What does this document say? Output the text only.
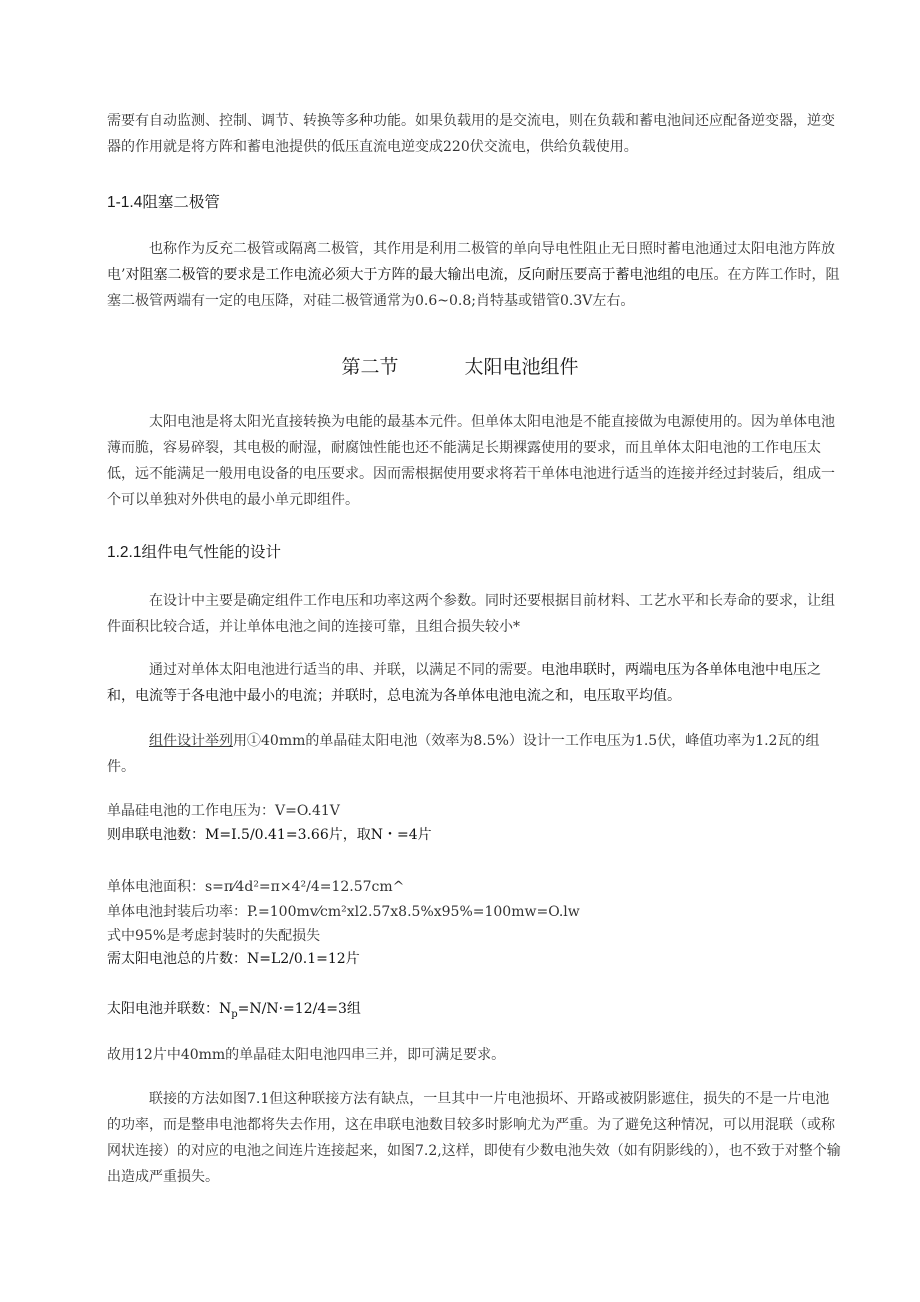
需要有自动监测、控制、调节、转换等多种功能。如果负载用的是交流电，则在负载和蓄电池间还应配备逆变器，逆变器的作用就是将方阵和蓄电池提供的低压直流电逆变成220伏交流电，供给负载使用。

1-1.4阻塞二极管

也称作为反充二极管或隔离二极管，其作用是利用二极管的单向导电性阻止无日照时蓄电池通过太阳电池方阵放电’对阻塞二极管的要求是工作电流必须大于方阵的最大输出电流，反向耐压要高于蓄电池组的电压。在方阵工作时，阻塞二极管两端有一定的电压降，对硅二极管通常为0.6~0.8;肖特基或错管0.3V左右。

第二节	太阳电池组件

太阳电池是将太阳光直接转换为电能的最基本元件。但单体太阳电池是不能直接做为电源使用的。因为单体电池薄而脆，容易碎裂，其电极的耐湿，耐腐蚀性能也还不能满足长期裸露使用的要求，而且单体太阳电池的工作电压太低，远不能满足一般用电设备的电压要求。因而需根据使用要求将若干单体电池进行适当的连接并经过封装后，组成一个可以单独对外供电的最小单元即组件。

1.2.1组件电气性能的设计

在设计中主要是确定组件工作电压和功率这两个参数。同时还要根据目前材料、工艺水平和长寿命的要求，让组件面积比较合适，并让单体电池之间的连接可靠，且组合损失较小*

通过对单体太阳电池进行适当的串、并联，以满足不同的需要。电池串联时，两端电压为各单体电池中电压之和，电流等于各电池中最小的电流；并联时，总电流为各单体电池电流之和，电压取平均值。

组件设计举列用①40mm的单晶硅太阳电池（效率为8.5%）设计一工作电压为1.5伏，峰值功率为1.2瓦的组件。

单晶硅电池的工作电压为：V=O.41V

则串联电池数：M=I.5/0.41=3.66片，取N・=4片

单体电池面积：s=π⁄4d²=π×4²/4=12.57cm^

单体电池封装后功率：P.=100mv⁄cm²xl2.57x8.5%x95%=100mw=O.lw

式中95%是考虑封装时的失配损失

需太阳电池总的片数：N=L2/0.1=12片

太阳电池并联数：$N_p=N/N\cdot=12/4=3$组

故用12片中40mm的单晶硅太阳电池四串三并，即可满足要求。

联接的方法如图7.1但这种联接方法有缺点，一旦其中一片电池损坏、开路或被阴影遮住，损失的不是一片电池的功率，而是整串电池都将失去作用，这在串联电池数目较多时影响尤为严重。为了避免这种情况，可以用混联（或称网状连接）的对应的电池之间连片连接起来，如图7.2,这样，即使有少数电池失效（如有阴影线的），也不致于对整个输出造成严重损失。
